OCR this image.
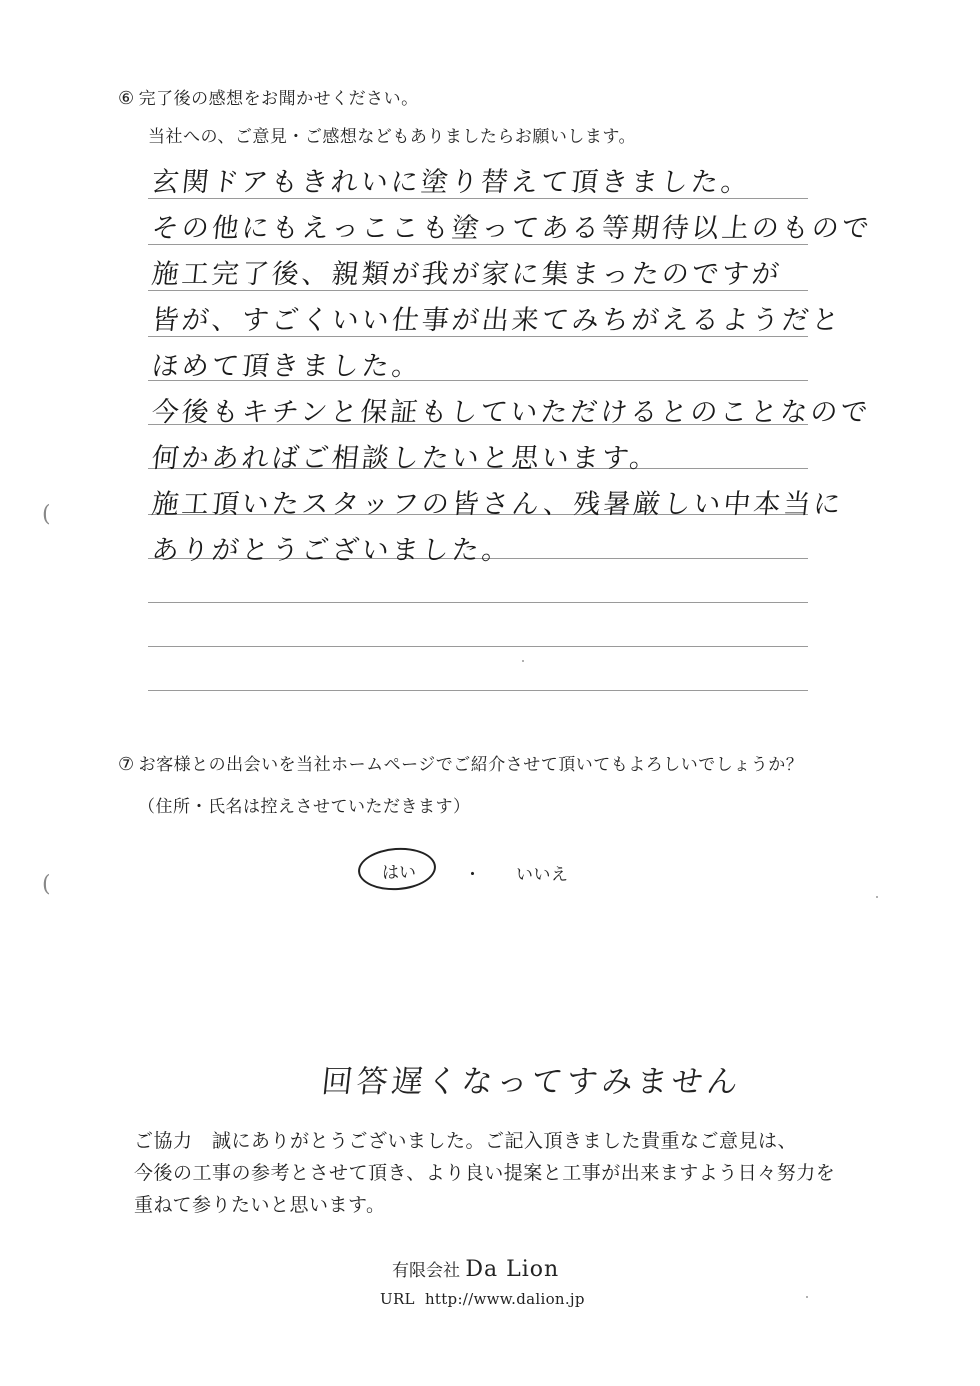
⑥ 完了後の感想をお聞かせください。
当社への、ご意見・ご感想などもありましたらお願いします。
玄関ドアもきれいに塗り替えて頂きました。
その他にもえっここも塗ってある等期待以上のもので
施工完了後、親類が我が家に集まったのですが
皆が、すごくいい仕事が出来てみちがえるようだと
ほめて頂きました。
今後もキチンと保証もしていただけるとのことなので
何かあればご相談したいと思います。
施工頂いたスタッフの皆さん、残暑厳しい中本当に
ありがとうございました。
⑦ お客様との出会いを当社ホームページでご紹介させて頂いてもよろしいでしょうか？
（住所・氏名は控えさせていただきます）
はい	・ いいえ
回答遅くなってすみません
ご協力　誠にありがとうございました。ご記入頂きました貴重なご意見は、
今後の工事の参考とさせて頂き、より良い提案と工事が出来ますよう日々努力を
重ねて参りたいと思います。
有限会社 Da Lion
URL http://www.dalion.jp
(
(
